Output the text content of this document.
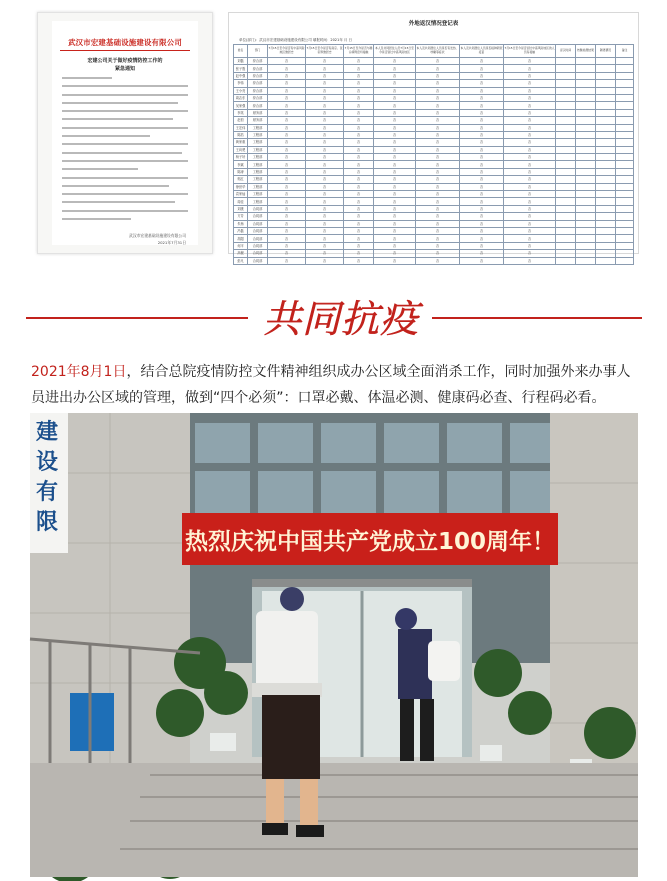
武汉市宏建基础设施建设有限公司
宏建公司关于做好疫情防控工作的
紧急通知
武汉市宏建基础设施建设有限公司
2021年7月31日
外地返汉情况登记表
单位(部门)：武汉市宏建基础设施建设有限公司 填报时间：2021年 月 日
姓名	部门	7月15日至今是否有中高风险地区旅居史	7月15日至今是否有南京、张家界旅居史	7月15日至今是否与确诊病例密切接触	本人及共同居住人员7月15日至今是否到过中高风险地区	本人及共同居住人员是否有发热、咳嗽等症状	本人及共同居住人员是否接种新冠疫苗	7月15日至今是否到过中高风险地区的人员有接触	返汉时间	核酸检测结果	隔离情况	备注
刘磊	综合部	否	否	否	否	否	否	否				
张子胜	综合部	否	否	否	否	否	否	否				
赵中强	综合部	否	否	否	否	否	否	否				
李伟	综合部	否	否	否	否	否	否	否				
王小亮	综合部	否	否	否	否	否	否	否				
周志东	综合部	否	否	否	否	否	否	否				
吴家强	综合部	否	否	否	否	否	否	否				
李英	财务部	否	否	否	否	否	否	否				
赵恒	财务部	否	否	否	否	否	否	否				
王宏伟	工程部	否	否	否	否	否	否	否				
陈浩	工程部	否	否	否	否	否	否	否				
黄家惠	工程部	否	否	否	否	否	否	否				
王向楚	工程部	否	否	否	否	否	否	否				
杨子轩	工程部	否	否	否	否	否	否	否				
李斌	工程部	否	否	否	否	否	否	否				
陈涛	工程部	否	否	否	否	否	否	否				
郭红	工程部	否	否	否	否	否	否	否				
徐世华	工程部	否	否	否	否	否	否	否				
袁家灿	工程部	否	否	否	否	否	否	否				
周佳	工程部	否	否	否	否	否	否	否				
刘康	合同部	否	否	否	否	否	否	否				
方芳	合同部	否	否	否	否	否	否	否				
朱杨	合同部	否	否	否	否	否	否	否				
冯磊	合同部	否	否	否	否	否	否	否				
胡超	合同部	否	否	否	否	否	否	否				
何平	合同部	否	否	否	否	否	否	否				
高俊	合同部	否	否	否	否	否	否	否				
彭凡	合同部	否	否	否	否	否	否	否				
共同抗疫
2021年8月1日，结合总院疫情防控文件精神组织成办公区域全面消杀工作，同时加强外来办事人员进出办公区域的管理，做到“四个必须”：口罩必戴、体温必测、健康码必查、行程码必看。
建设有限
热烈庆祝中国共产党成立100周年！
